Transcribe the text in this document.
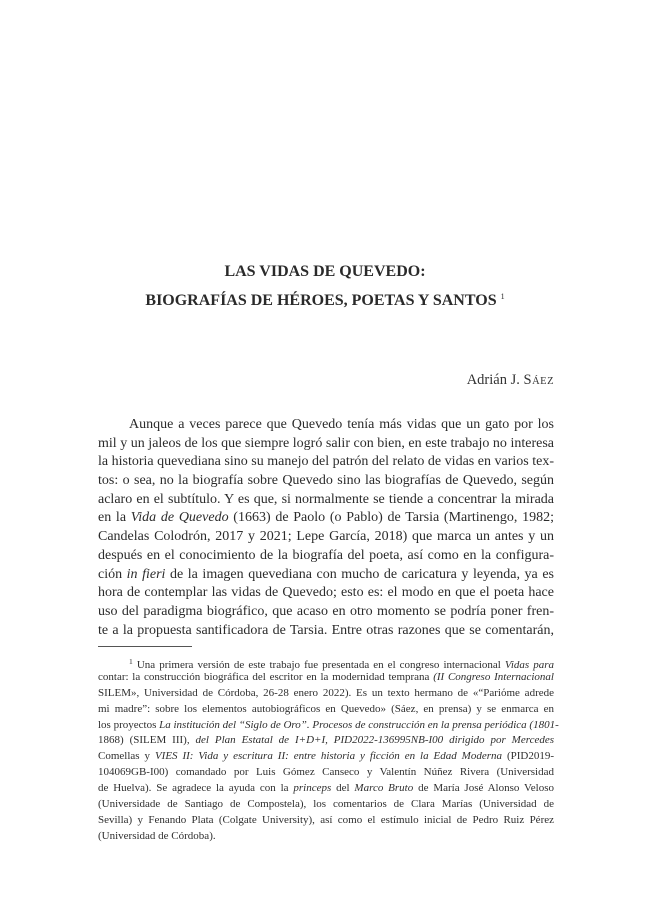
LAS VIDAS DE QUEVEDO:
BIOGRAFÍAS DE HÉROES, POETAS Y SANTOS $^1$
Adrián J. SÁEZ
Aunque a veces parece que Quevedo tenía más vidas que un gato por los
mil y un jaleos de los que siempre logró salir con bien, en este trabajo no interesa
la historia quevediana sino su manejo del patrón del relato de vidas en varios tex-
tos: o sea, no la biografía sobre Quevedo sino las biografías de Quevedo, según
aclaro en el subtítulo. Y es que, si normalmente se tiende a concentrar la mirada
en la Vida de Quevedo (1663) de Paolo (o Pablo) de Tarsia (Martinengo, 1982;
Candelas Colodrón, 2017 y 2021; Lepe García, 2018) que marca un antes y un
después en el conocimiento de la biografía del poeta, así como en la configura-
ción in fieri de la imagen quevediana con mucho de caricatura y leyenda, ya es
hora de contemplar las vidas de Quevedo; esto es: el modo en que el poeta hace
uso del paradigma biográfico, que acaso en otro momento se podría poner fren-
te a la propuesta santificadora de Tarsia. Entre otras razones que se comentarán,
$^1$ Una primera versión de este trabajo fue presentada en el congreso internacional Vidas para
contar: la construcción biográfica del escritor en la modernidad temprana (II Congreso Internacional
SILEM», Universidad de Córdoba, 26-28 enero 2022). Es un texto hermano de «“Pariόme adrede
mi madre”: sobre los elementos autobiográficos en Quevedo» (Sáez, en prensa) y se enmarca en
los proyectos La institución del “Siglo de Oro”. Procesos de construcción en la prensa periódica (1801-
1868) (SILEM III), del Plan Estatal de I+D+I, PID2022-136995NB-I00 dirigido por Mercedes
Comellas y VIES II: Vida y escritura II: entre historia y ficción en la Edad Moderna (PID2019-
104069GB-I00) comandado por Luis Gómez Canseco y Valentín Núñez Rivera (Universidad
de Huelva). Se agradece la ayuda con la princeps del Marco Bruto de María José Alonso Veloso
(Universidade de Santiago de Compostela), los comentarios de Clara Marías (Universidad de
Sevilla) y Fenando Plata (Colgate University), así como el estímulo inicial de Pedro Ruiz Pérez
(Universidad de Córdoba).
